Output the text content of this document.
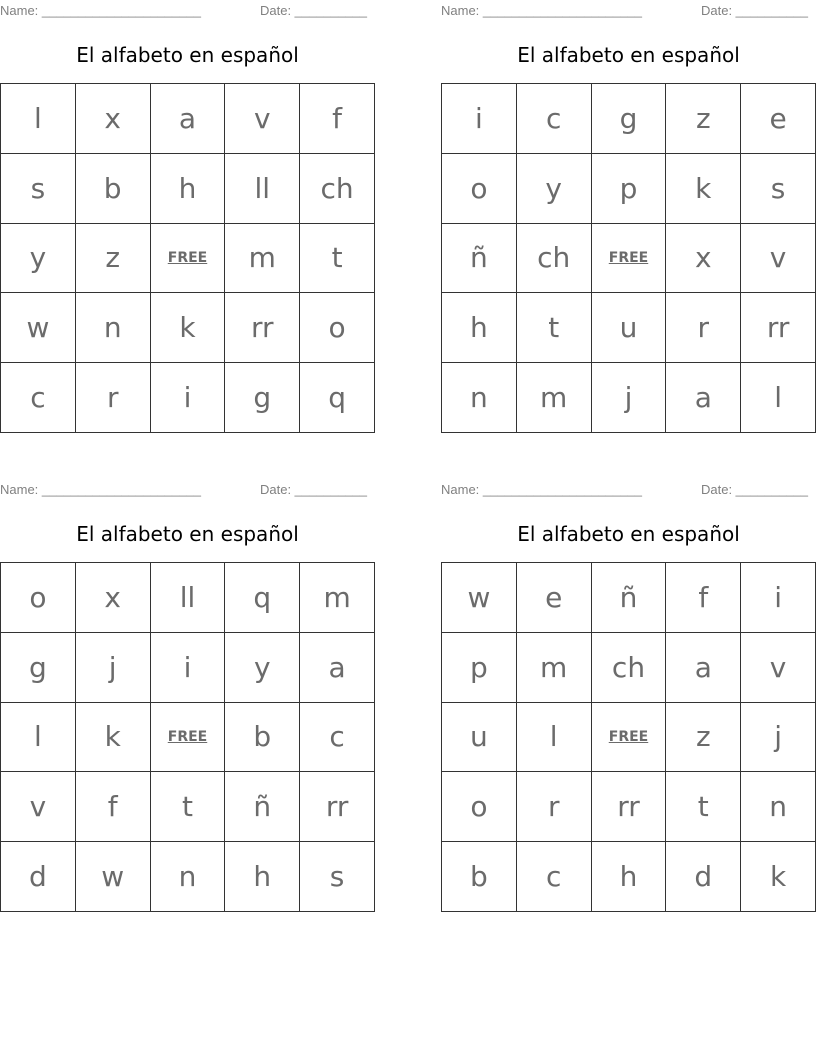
Name: ______________________	Date: __________
El alfabeto en español
l	x	a	v	f
s	b	h	ll	ch
y	z	FREE	m	t
w	n	k	rr	o
c	r	i	g	q
Name: ______________________	Date: __________
El alfabeto en español
i	c	g	z	e
o	y	p	k	s
ñ	ch	FREE	x	v
h	t	u	r	rr
n	m	j	a	l
Name: ______________________	Date: __________
El alfabeto en español
o	x	ll	q	m
g	j	i	y	a
l	k	FREE	b	c
v	f	t	ñ	rr
d	w	n	h	s
Name: ______________________	Date: __________
El alfabeto en español
w	e	ñ	f	i
p	m	ch	a	v
u	l	FREE	z	j
o	r	rr	t	n
b	c	h	d	k
